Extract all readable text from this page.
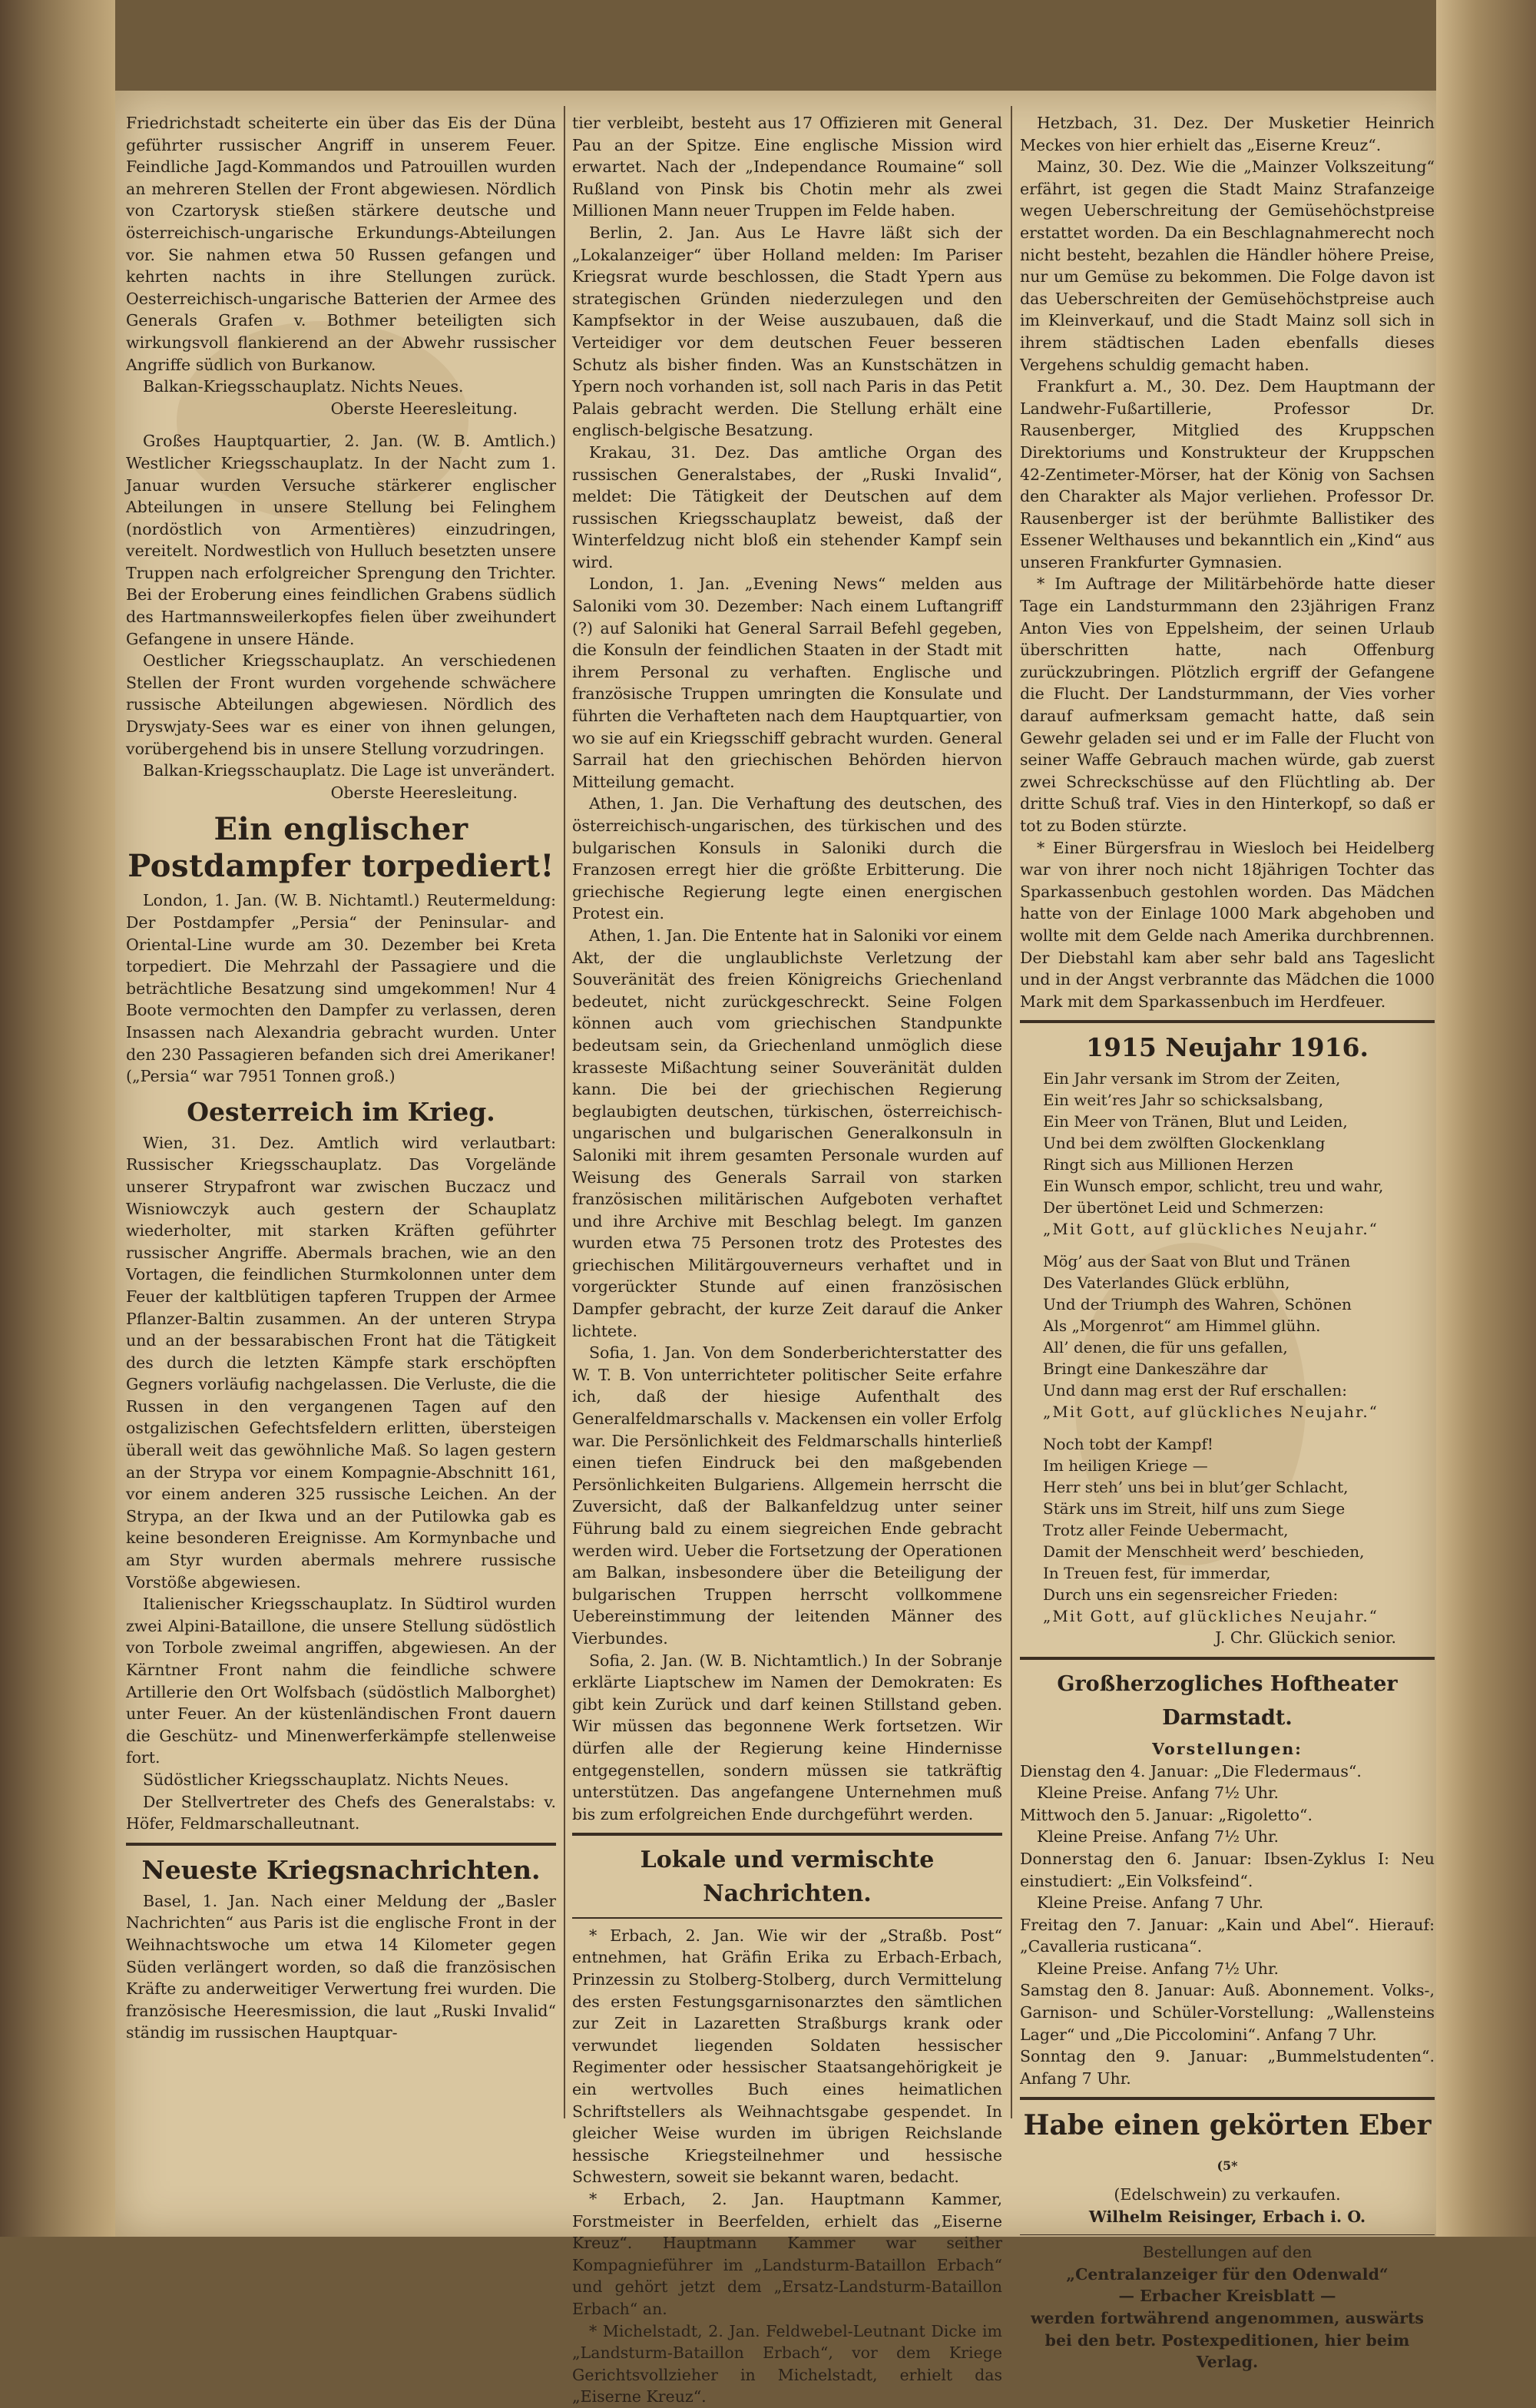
Friedrichstadt scheiterte ein über das Eis der Düna geführter russischer Angriff in unserem Feuer. Feindliche Jagd-Kommandos und Patrouillen wurden an mehreren Stellen der Front abgewiesen. Nördlich von Czartorysk stießen stärkere deutsche und österreichisch-ungarische Erkundungs-Abteilungen vor. Sie nahmen etwa 50 Russen gefangen und kehrten nachts in ihre Stellungen zurück. Oesterreichisch-ungarische Batterien der Armee des Generals Grafen v. Bothmer beteiligten sich wirkungsvoll flankierend an der Abwehr russischer Angriffe südlich von Burkanow.

Balkan-Kriegsschauplatz. Nichts Neues.

Oberste Heeresleitung.

Großes Hauptquartier, 2. Jan. (W. B. Amtlich.) Westlicher Kriegsschauplatz. In der Nacht zum 1. Januar wurden Versuche stärkerer englischer Abteilungen in unsere Stellung bei Felinghem (nordöstlich von Armentières) einzudringen, vereitelt. Nordwestlich von Hulluch besetzten unsere Truppen nach erfolgreicher Sprengung den Trichter. Bei der Eroberung eines feindlichen Grabens südlich des Hartmannsweilerkopfes fielen über zweihundert Gefangene in unsere Hände.

Oestlicher Kriegsschauplatz. An verschiedenen Stellen der Front wurden vorgehende schwächere russische Abteilungen abgewiesen. Nördlich des Dryswjaty-Sees war es einer von ihnen gelungen, vorübergehend bis in unsere Stellung vorzudringen.

Balkan-Kriegsschauplatz. Die Lage ist unverändert.

Oberste Heeresleitung.

Ein englischer
Postdampfer torpediert!

London, 1. Jan. (W. B. Nichtamtl.) Reutermeldung: Der Postdampfer „Persia“ der Peninsular- and Oriental-Line wurde am 30. Dezember bei Kreta torpediert. Die Mehrzahl der Passagiere und die beträchtliche Besatzung sind umgekommen! Nur 4 Boote vermochten den Dampfer zu verlassen, deren Insassen nach Alexandria gebracht wurden. Unter den 230 Passagieren befanden sich drei Amerikaner! („Persia“ war 7951 Tonnen groß.)

Oesterreich im Krieg.

Wien, 31. Dez. Amtlich wird verlautbart: Russischer Kriegsschauplatz. Das Vorgelände unserer Strypafront war zwischen Buczacz und Wisniowczyk auch gestern der Schauplatz wiederholter, mit starken Kräften geführter russischer Angriffe. Abermals brachen, wie an den Vortagen, die feindlichen Sturmkolonnen unter dem Feuer der kaltblütigen tapferen Truppen der Armee Pflanzer-Baltin zusammen. An der unteren Strypa und an der bessarabischen Front hat die Tätigkeit des durch die letzten Kämpfe stark erschöpften Gegners vorläufig nachgelassen. Die Verluste, die die Russen in den vergangenen Tagen auf den ostgalizischen Gefechtsfeldern erlitten, übersteigen überall weit das gewöhnliche Maß. So lagen gestern an der Strypa vor einem Kompagnie-Abschnitt 161, vor einem anderen 325 russische Leichen. An der Strypa, an der Ikwa und an der Putilowka gab es keine besonderen Ereignisse. Am Kormynbache und am Styr wurden abermals mehrere russische Vorstöße abgewiesen.

Italienischer Kriegsschauplatz. In Südtirol wurden zwei Alpini-Bataillone, die unsere Stellung südöstlich von Torbole zweimal angriffen, abgewiesen. An der Kärntner Front nahm die feindliche schwere Artillerie den Ort Wolfsbach (südöstlich Malborghet) unter Feuer. An der küstenländischen Front dauern die Geschütz- und Minenwerferkämpfe stellenweise fort.

Südöstlicher Kriegsschauplatz. Nichts Neues.

Der Stellvertreter des Chefs des Generalstabs: v. Höfer, Feldmarschalleutnant.

Neueste Kriegsnachrichten.

Basel, 1. Jan. Nach einer Meldung der „Basler Nachrichten“ aus Paris ist die englische Front in der Weihnachtswoche um etwa 14 Kilometer gegen Süden verlängert worden, so daß die französischen Kräfte zu anderweitiger Verwertung frei wurden. Die französische Heeresmission, die laut „Ruski Invalid“ ständig im russischen Hauptquar-

tier verbleibt, besteht aus 17 Offizieren mit General Pau an der Spitze. Eine englische Mission wird erwartet. Nach der „Independance Roumaine“ soll Rußland von Pinsk bis Chotin mehr als zwei Millionen Mann neuer Truppen im Felde haben.

Berlin, 2. Jan. Aus Le Havre läßt sich der „Lokalanzeiger“ über Holland melden: Im Pariser Kriegsrat wurde beschlossen, die Stadt Ypern aus strategischen Gründen niederzulegen und den Kampfsektor in der Weise auszubauen, daß die Verteidiger vor dem deutschen Feuer besseren Schutz als bisher finden. Was an Kunstschätzen in Ypern noch vorhanden ist, soll nach Paris in das Petit Palais gebracht werden. Die Stellung erhält eine englisch-belgische Besatzung.

Krakau, 31. Dez. Das amtliche Organ des russischen Generalstabes, der „Ruski Invalid“, meldet: Die Tätigkeit der Deutschen auf dem russischen Kriegsschauplatz beweist, daß der Winterfeldzug nicht bloß ein stehender Kampf sein wird.

London, 1. Jan. „Evening News“ melden aus Saloniki vom 30. Dezember: Nach einem Luftangriff (?) auf Saloniki hat General Sarrail Befehl gegeben, die Konsuln der feindlichen Staaten in der Stadt mit ihrem Personal zu verhaften. Englische und französische Truppen umringten die Konsulate und führten die Verhafteten nach dem Hauptquartier, von wo sie auf ein Kriegsschiff gebracht wurden. General Sarrail hat den griechischen Behörden hiervon Mitteilung gemacht.

Athen, 1. Jan. Die Verhaftung des deutschen, des österreichisch-ungarischen, des türkischen und des bulgarischen Konsuls in Saloniki durch die Franzosen erregt hier die größte Erbitterung. Die griechische Regierung legte einen energischen Protest ein.

Athen, 1. Jan. Die Entente hat in Saloniki vor einem Akt, der die unglaublichste Verletzung der Souveränität des freien Königreichs Griechenland bedeutet, nicht zurückgeschreckt. Seine Folgen können auch vom griechischen Standpunkte bedeutsam sein, da Griechenland unmöglich diese krasseste Mißachtung seiner Souveränität dulden kann. Die bei der griechischen Regierung beglaubigten deutschen, türkischen, österreichisch-ungarischen und bulgarischen Generalkonsuln in Saloniki mit ihrem gesamten Personale wurden auf Weisung des Generals Sarrail von starken französischen militärischen Aufgeboten verhaftet und ihre Archive mit Beschlag belegt. Im ganzen wurden etwa 75 Personen trotz des Protestes des griechischen Militärgouverneurs verhaftet und in vorgerückter Stunde auf einen französischen Dampfer gebracht, der kurze Zeit darauf die Anker lichtete.

Sofia, 1. Jan. Von dem Sonderberichterstatter des W. T. B. Von unterrichteter politischer Seite erfahre ich, daß der hiesige Aufenthalt des Generalfeldmarschalls v. Mackensen ein voller Erfolg war. Die Persönlichkeit des Feldmarschalls hinterließ einen tiefen Eindruck bei den maßgebenden Persönlichkeiten Bulgariens. Allgemein herrscht die Zuversicht, daß der Balkanfeldzug unter seiner Führung bald zu einem siegreichen Ende gebracht werden wird. Ueber die Fortsetzung der Operationen am Balkan, insbesondere über die Beteiligung der bulgarischen Truppen herrscht vollkommene Uebereinstimmung der leitenden Männer des Vierbundes.

Sofia, 2. Jan. (W. B. Nichtamtlich.) In der Sobranje erklärte Liaptschew im Namen der Demokraten: Es gibt kein Zurück und darf keinen Stillstand geben. Wir müssen das begonnene Werk fortsetzen. Wir dürfen alle der Regierung keine Hindernisse entgegenstellen, sondern müssen sie tatkräftig unterstützen. Das angefangene Unternehmen muß bis zum erfolgreichen Ende durchgeführt werden.

Lokale und vermischte Nachrichten.

* Erbach, 2. Jan. Wie wir der „Straßb. Post“ entnehmen, hat Gräfin Erika zu Erbach-Erbach, Prinzessin zu Stolberg-Stolberg, durch Vermittelung des ersten Festungsgarnisonarztes den sämtlichen zur Zeit in Lazaretten Straßburgs krank oder verwundet liegenden Soldaten hessischer Regimenter oder hessischer Staatsangehörigkeit je ein wertvolles Buch eines heimatlichen Schriftstellers als Weihnachtsgabe gespendet. In gleicher Weise wurden im übrigen Reichslande hessische Kriegsteilnehmer und hessische Schwestern, soweit sie bekannt waren, bedacht.

* Erbach, 2. Jan. Hauptmann Kammer, Forstmeister in Beerfelden, erhielt das „Eiserne Kreuz“. Hauptmann Kammer war seither Kompagnieführer im „Landsturm-Bataillon Erbach“ und gehört jetzt dem „Ersatz-Landsturm-Bataillon Erbach“ an.

* Michelstadt, 2. Jan. Feldwebel-Leutnant Dicke im „Landsturm-Bataillon Erbach“, vor dem Kriege Gerichtsvollzieher in Michelstadt, erhielt das „Eiserne Kreuz“.

Hetzbach, 31. Dez. Der Musketier Heinrich Meckes von hier erhielt das „Eiserne Kreuz“.

Mainz, 30. Dez. Wie die „Mainzer Volkszeitung“ erfährt, ist gegen die Stadt Mainz Strafanzeige wegen Ueberschreitung der Gemüsehöchstpreise erstattet worden. Da ein Beschlagnahmerecht noch nicht besteht, bezahlen die Händler höhere Preise, nur um Gemüse zu bekommen. Die Folge davon ist das Ueberschreiten der Gemüsehöchstpreise auch im Kleinverkauf, und die Stadt Mainz soll sich in ihrem städtischen Laden ebenfalls dieses Vergehens schuldig gemacht haben.

Frankfurt a. M., 30. Dez. Dem Hauptmann der Landwehr-Fußartillerie, Professor Dr. Rausenberger, Mitglied des Kruppschen Direktoriums und Konstrukteur der Kruppschen 42-Zentimeter-Mörser, hat der König von Sachsen den Charakter als Major verliehen. Professor Dr. Rausenberger ist der berühmte Ballistiker des Essener Welthauses und bekanntlich ein „Kind“ aus unseren Frankfurter Gymnasien.

* Im Auftrage der Militärbehörde hatte dieser Tage ein Landsturmmann den 23jährigen Franz Anton Vies von Eppelsheim, der seinen Urlaub überschritten hatte, nach Offenburg zurückzubringen. Plötzlich ergriff der Gefangene die Flucht. Der Landsturmmann, der Vies vorher darauf aufmerksam gemacht hatte, daß sein Gewehr geladen sei und er im Falle der Flucht von seiner Waffe Gebrauch machen würde, gab zuerst zwei Schreckschüsse auf den Flüchtling ab. Der dritte Schuß traf. Vies in den Hinterkopf, so daß er tot zu Boden stürzte.

* Einer Bürgersfrau in Wiesloch bei Heidelberg war von ihrer noch nicht 18jährigen Tochter das Sparkassenbuch gestohlen worden. Das Mädchen hatte von der Einlage 1000 Mark abgehoben und wollte mit dem Gelde nach Amerika durchbrennen. Der Diebstahl kam aber sehr bald ans Tageslicht und in der Angst verbrannte das Mädchen die 1000 Mark mit dem Sparkassenbuch im Herdfeuer.

1915 Neujahr 1916.
Ein Jahr versank im Strom der Zeiten,
Ein weit’res Jahr so schicksalsbang,
Ein Meer von Tränen, Blut und Leiden,
Und bei dem zwölften Glockenklang
Ringt sich aus Millionen Herzen
Ein Wunsch empor, schlicht, treu und wahr,
Der übertönet Leid und Schmerzen:
„Mit Gott, auf glückliches Neujahr.“
Mög’ aus der Saat von Blut und Tränen
Des Vaterlandes Glück erblühn,
Und der Triumph des Wahren, Schönen
Als „Morgenrot“ am Himmel glühn.
All’ denen, die für uns gefallen,
Bringt eine Dankeszähre dar
Und dann mag erst der Ruf erschallen:
„Mit Gott, auf glückliches Neujahr.“
Noch tobt der Kampf!
Im heiligen Kriege —
Herr steh’ uns bei in blut’ger Schlacht,
Stärk uns im Streit, hilf uns zum Siege
Trotz aller Feinde Uebermacht,
Damit der Menschheit werd’ beschieden,
In Treuen fest, für immerdar,
Durch uns ein segensreicher Frieden:
„Mit Gott, auf glückliches Neujahr.“

J. Chr. Glückich senior.

Großherzogliches Hoftheater Darmstadt.
Vorstellungen:

Dienstag den 4. Januar: „Die Fledermaus“.

Kleine Preise. Anfang 7½ Uhr.

Mittwoch den 5. Januar: „Rigoletto“.

Kleine Preise. Anfang 7½ Uhr.

Donnerstag den 6. Januar: Ibsen-Zyklus I: Neu einstudiert: „Ein Volksfeind“.

Kleine Preise. Anfang 7 Uhr.

Freitag den 7. Januar: „Kain und Abel“. Hierauf: „Cavalleria rusticana“.

Kleine Preise. Anfang 7½ Uhr.

Samstag den 8. Januar: Auß. Abonnement. Volks-, Garnison- und Schüler-Vorstellung: „Wallensteins Lager“ und „Die Piccolomini“. Anfang 7 Uhr.

Sonntag den 9. Januar: „Bummelstudenten“. Anfang 7 Uhr.

Habe einen gekörten Eber (5*
(Edelschwein) zu verkaufen.
Wilhelm Reisinger, Erbach i. O.
Bestellungen auf den
„Centralanzeiger für den Odenwald“
— Erbacher Kreisblatt —
werden fortwährend angenommen, auswärts bei den betr. Postexpeditionen, hier beim Verlag.
